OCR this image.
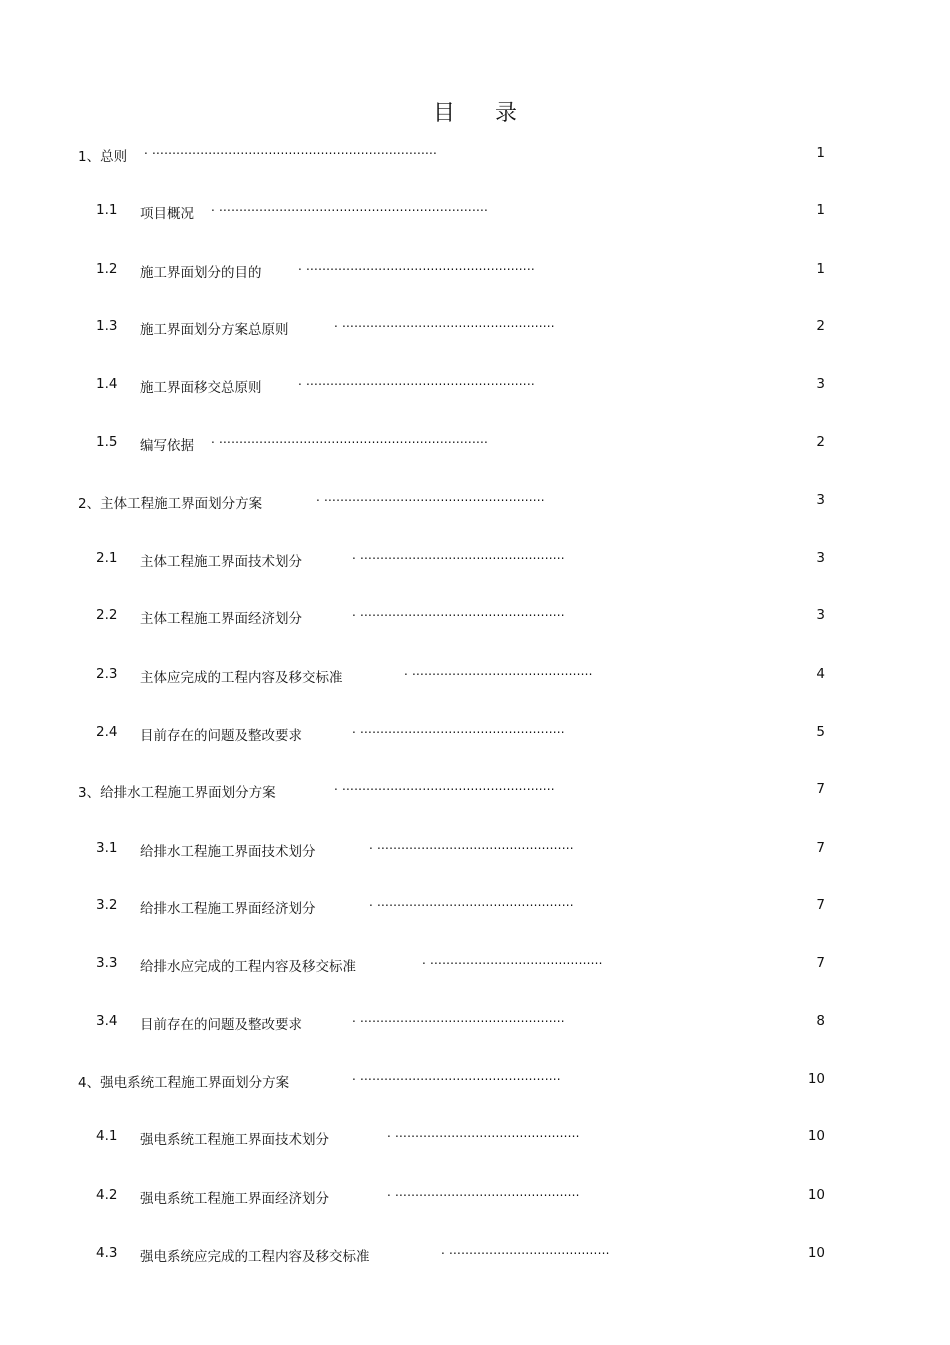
目 录
1、总则 . .......................................................................	1
1.1 项目概况 . ...................................................................	1
1.2 施工界面划分的目的	. .........................................................	1
1.3 施工界面划分方案总原则	. .....................................................	2
1.4 施工界面移交总原则	. .........................................................	3
1.5 编写依据 . ...................................................................	2
2、主体工程施工界面划分方案	. .......................................................	3
2.1 主体工程施工界面技术划分	. ...................................................	3
2.2 主体工程施工界面经济划分	. ...................................................	3
2.3 主体应完成的工程内容及移交标准	. .............................................	4
2.4 目前存在的问题及整改要求	. ...................................................	5
3、给排水工程施工界面划分方案	. .....................................................	7
3.1 给排水工程施工界面技术划分	. .................................................	7
3.2 给排水工程施工界面经济划分	. .................................................	7
3.3 给排水应完成的工程内容及移交标准	. ...........................................	7
3.4 目前存在的问题及整改要求	. ...................................................	8
4、强电系统工程施工界面划分方案	. ..................................................	10
4.1 强电系统工程施工界面技术划分	. ..............................................	10
4.2 强电系统工程施工界面经济划分	. ..............................................	10
4.3 强电系统应完成的工程内容及移交标准	. ........................................	10
